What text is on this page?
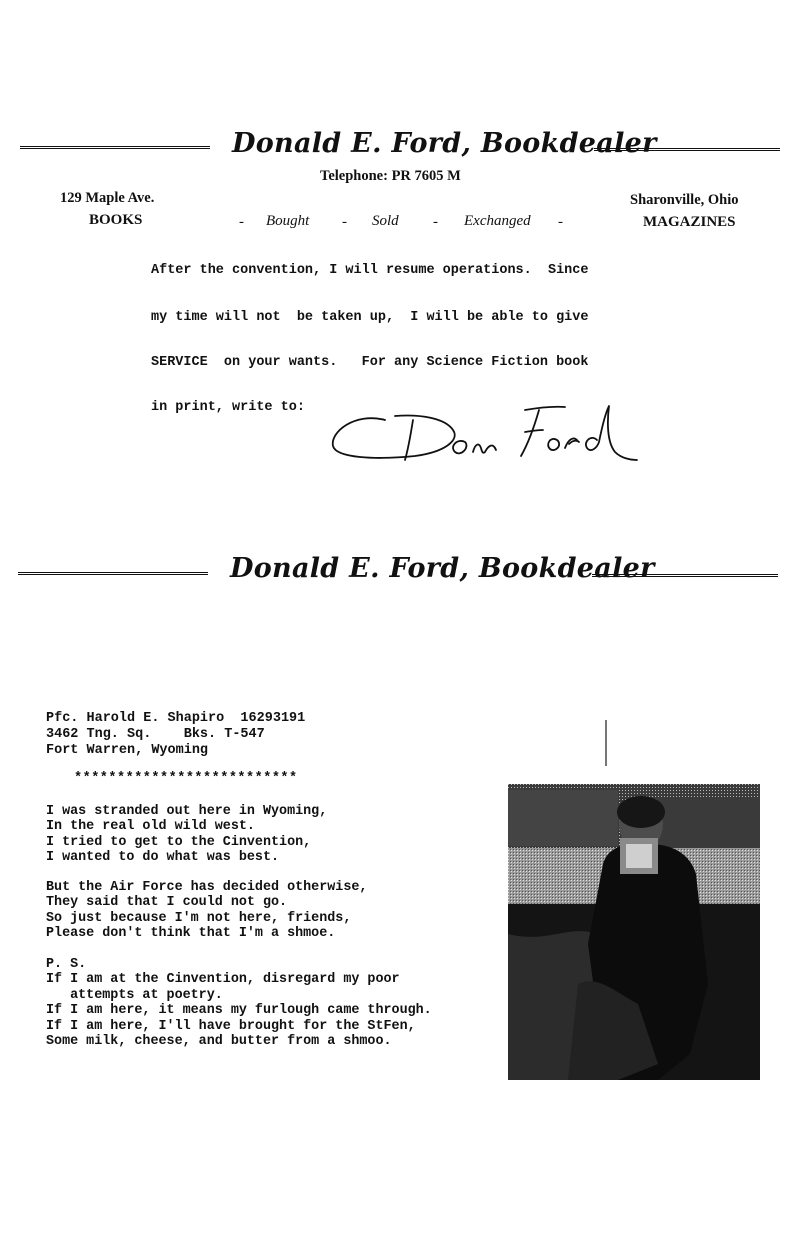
Donald E. Ford, Bookdealer
Telephone: PR 7605 M
129 Maple Ave.	Sharonville, Ohio
BOOKS	MAGAZINES
- Bought - Sold - Exchanged -
After the convention, I will resume operations.  Since
my time will not  be taken up,  I will be able to give
SERVICE  on your wants.   For any Science Fiction book
in print, write to:
Donald E. Ford, Bookdealer
Pfc. Harold E. Shapiro  16293191
3462 Tng. Sq.    Bks. T-547
Fort Warren, Wyoming
**************************
I was stranded out here in Wyoming,
In the real old wild west.
I tried to get to the Cinvention,
I wanted to do what was best.
But the Air Force has decided otherwise,
They said that I could not go.
So just because I'm not here, friends,
Please don't think that I'm a shmoe.
P. S.
If I am at the Cinvention, disregard my poor
attempts at poetry.
If I am here, it means my furlough came through.
If I am here, I'll have brought for the StFen,
Some milk, cheese, and butter from a shmoo.
